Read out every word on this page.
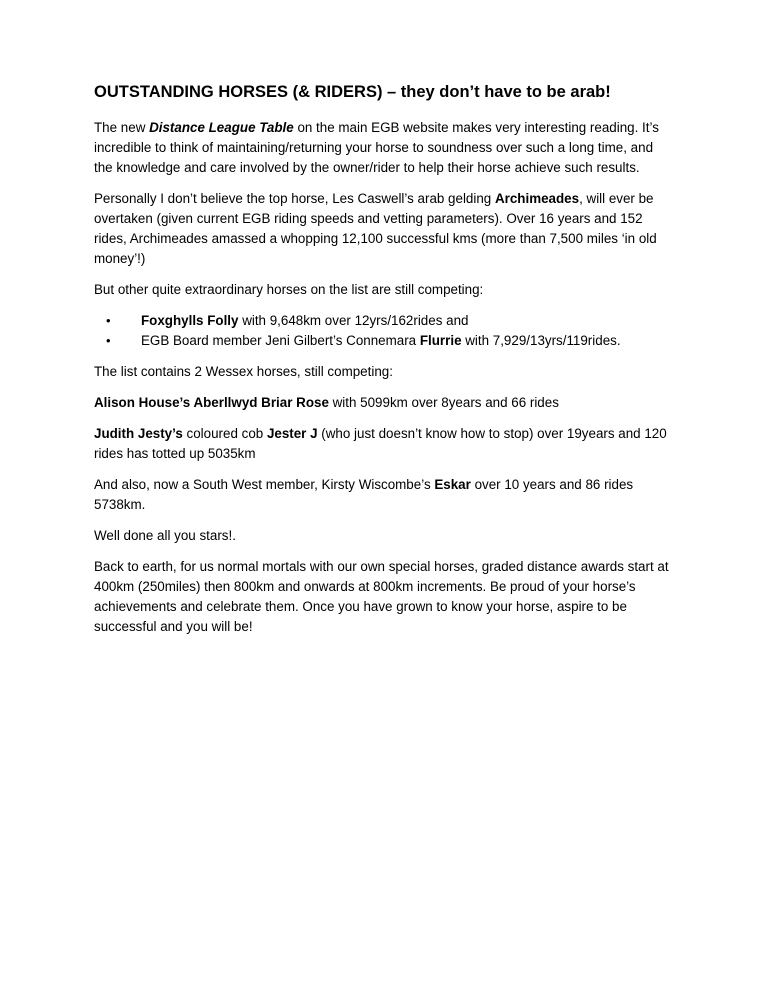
OUTSTANDING HORSES (& RIDERS) – they don’t have to be arab!

The new Distance League Table on the main EGB website makes very interesting reading. It’s incredible to think of maintaining/returning your horse to soundness over such a long time, and the knowledge and care involved by the owner/rider to help their horse achieve such results.

Personally I don’t believe the top horse, Les Caswell’s arab gelding Archimeades, will ever be overtaken (given current EGB riding speeds and vetting parameters). Over 16 years and 152 rides, Archimeades amassed a whopping 12,100 successful kms (more than 7,500 miles ‘in old money’!)

But other quite extraordinary horses on the list are still competing:

• Foxghylls Folly with 9,648km over 12yrs/162rides and
• EGB Board member Jeni Gilbert’s Connemara Flurrie with 7,929/13yrs/119rides.

The list contains 2 Wessex horses, still competing:

Alison House’s Aberllwyd Briar Rose with 5099km over 8years and 66 rides

Judith Jesty’s coloured cob Jester J (who just doesn’t know how to stop) over 19years and 120 rides has totted up 5035km

And also, now a South West member, Kirsty Wiscombe’s Eskar over 10 years and 86 rides 5738km.

Well done all you stars!.

Back to earth, for us normal mortals with our own special horses, graded distance awards start at 400km (250miles) then 800km and onwards at 800km increments. Be proud of your horse’s achievements and celebrate them. Once you have grown to know your horse, aspire to be successful and you will be!
